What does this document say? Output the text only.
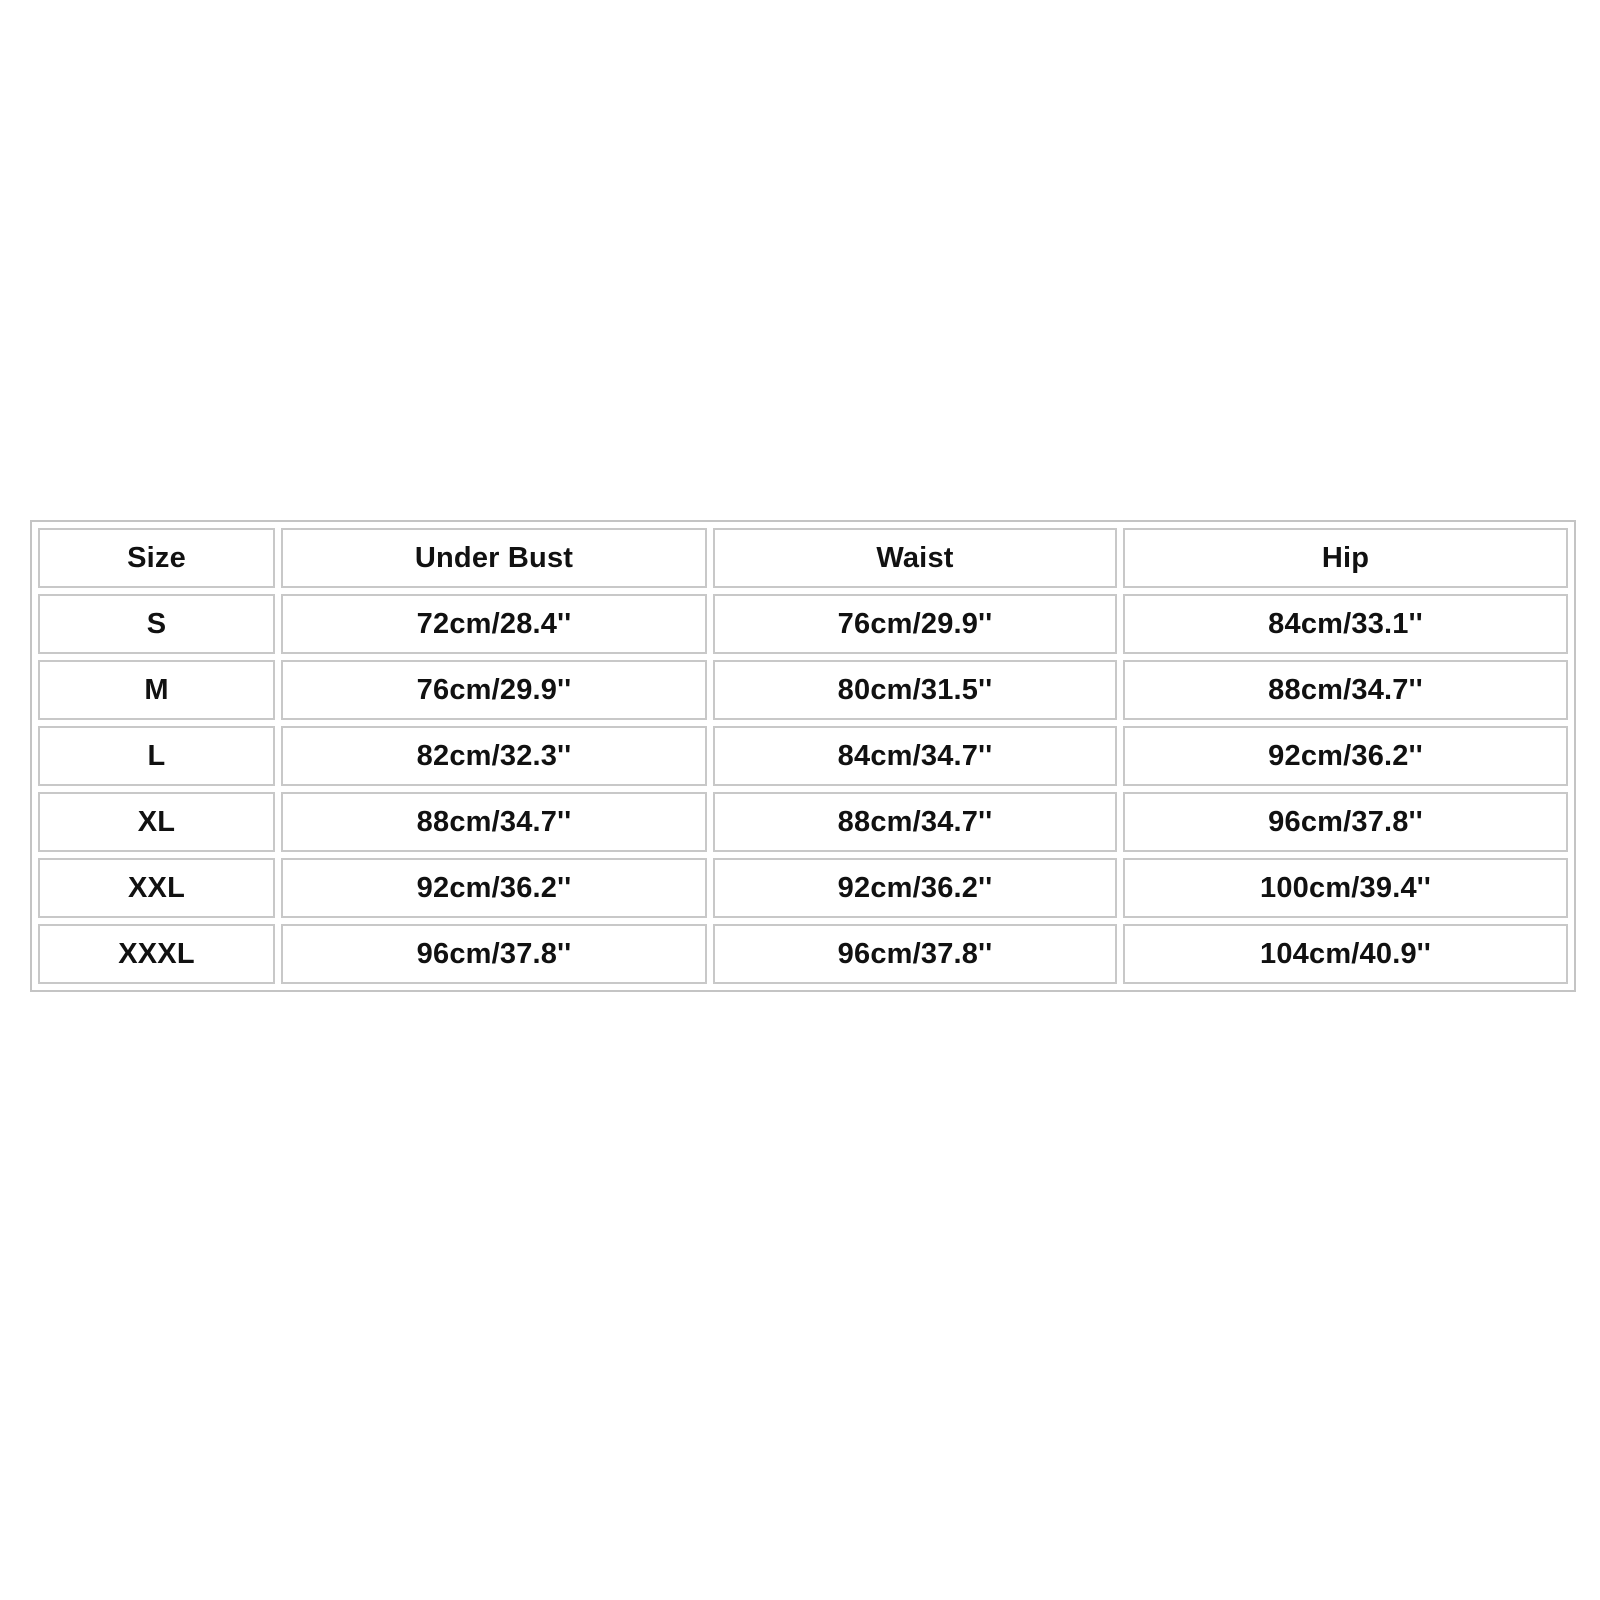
Size	Under Bust	Waist	Hip
S	72cm/28.4''	76cm/29.9''	84cm/33.1''
M	76cm/29.9''	80cm/31.5''	88cm/34.7''
L	82cm/32.3''	84cm/34.7''	92cm/36.2''
XL	88cm/34.7''	88cm/34.7''	96cm/37.8''
XXL	92cm/36.2''	92cm/36.2''	100cm/39.4''
XXXL	96cm/37.8''	96cm/37.8''	104cm/40.9''
